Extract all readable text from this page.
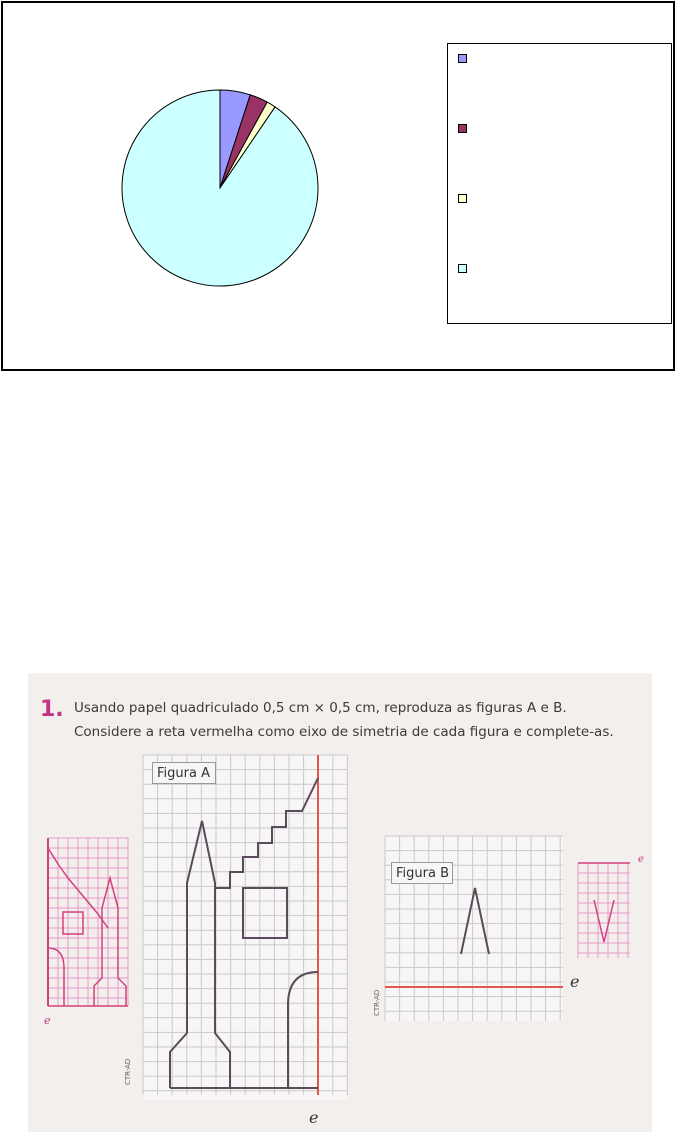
1. Usando papel quadriculado 0,5 cm × 0,5 cm, reproduza as figuras A e B.
Considere a reta vermelha como eixo de simetria de cada figura e complete-as.
CTR-AD
Figura A
e
e
CTR-AD
Figura B
e
e
